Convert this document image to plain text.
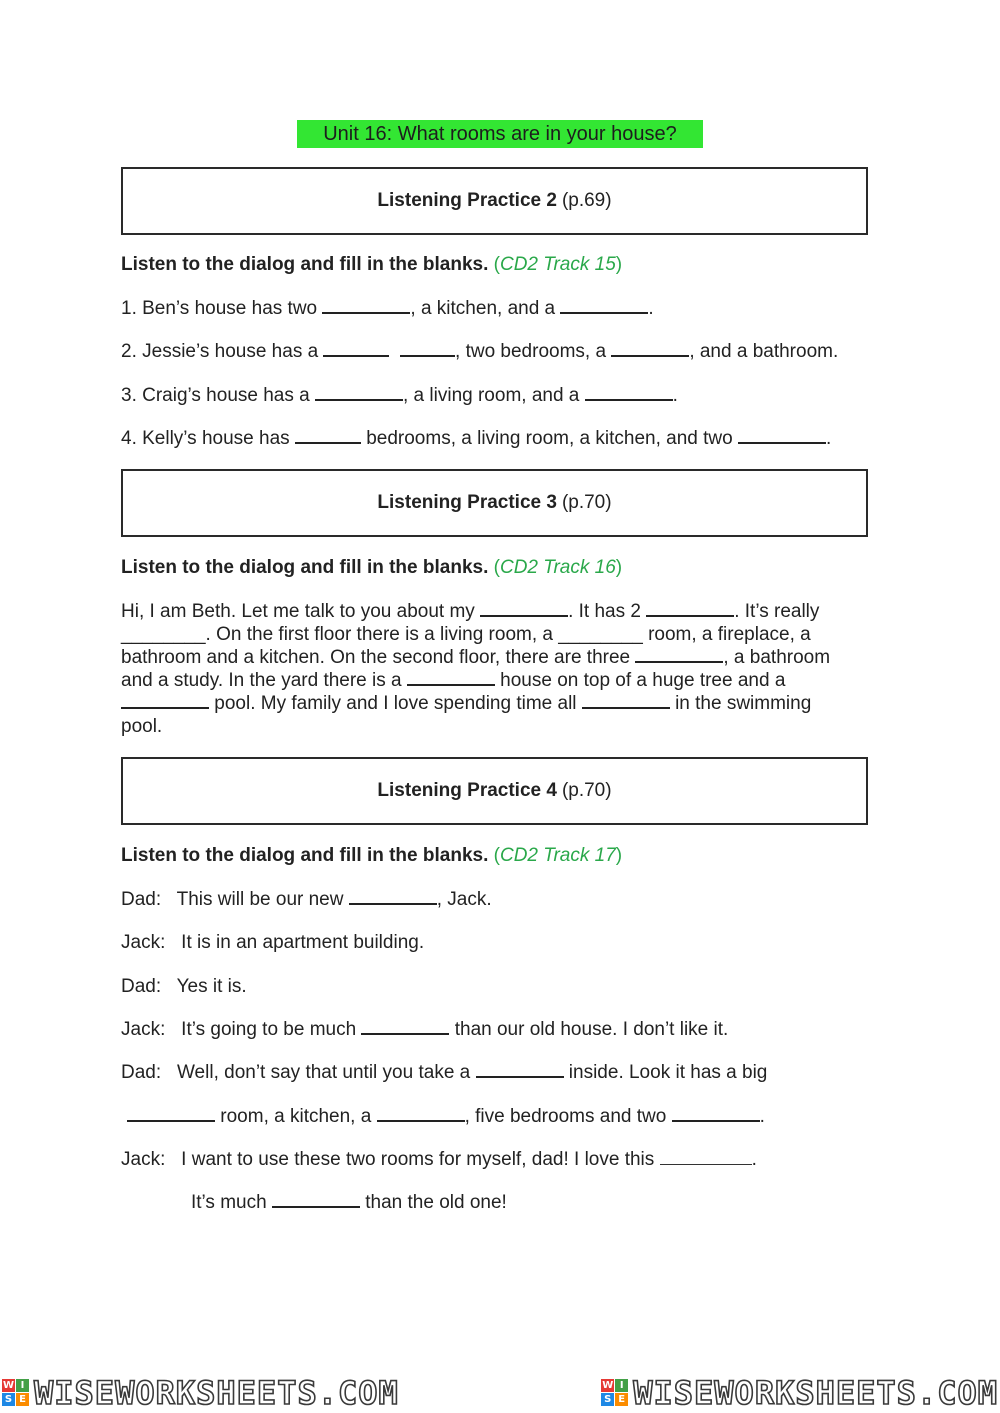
Unit 16: What rooms are in your house?
Listening Practice 2 (p.69)
Listen to the dialog and fill in the blanks. (CD2 Track 15)
1. Ben’s house has two	, a kitchen, and a	.
2. Jessie’s house has a	, two bedrooms, a	, and a bathroom.
3. Craig’s house has a	, a living room, and a	.
4. Kelly’s house has	bedrooms, a living room, a kitchen, and two	.
Listening Practice 3 (p.70)
Listen to the dialog and fill in the blanks. (CD2 Track 16)
Hi, I am Beth. Let me talk to you about my	. It has 2	. It’s really
________. On the first floor there is a living room, a ________ room, a fireplace, a
bathroom and a kitchen. On the second floor, there are three	, a bathroom
and a study. In the yard there is a	house on top of a huge tree and a
pool. My family and I love spending time all	in the swimming
pool.
Listening Practice 4 (p.70)
Listen to the dialog and fill in the blanks. (CD2 Track 17)
Dad:   This will be our new	, Jack.
Jack:   It is in an apartment building.
Dad:   Yes it is.
Jack:   It’s going to be much	than our old house. I don’t like it.
Dad:   Well, don’t say that until you take a	inside. Look it has a big
room, a kitchen, a	, five bedrooms and two	.
Jack:   I want to use these two rooms for myself, dad! I love this	.
It’s much	than the old one!
W I
S E WISEWORKSHEETS.COM	W I
S E WISEWORKSHEETS.COM
